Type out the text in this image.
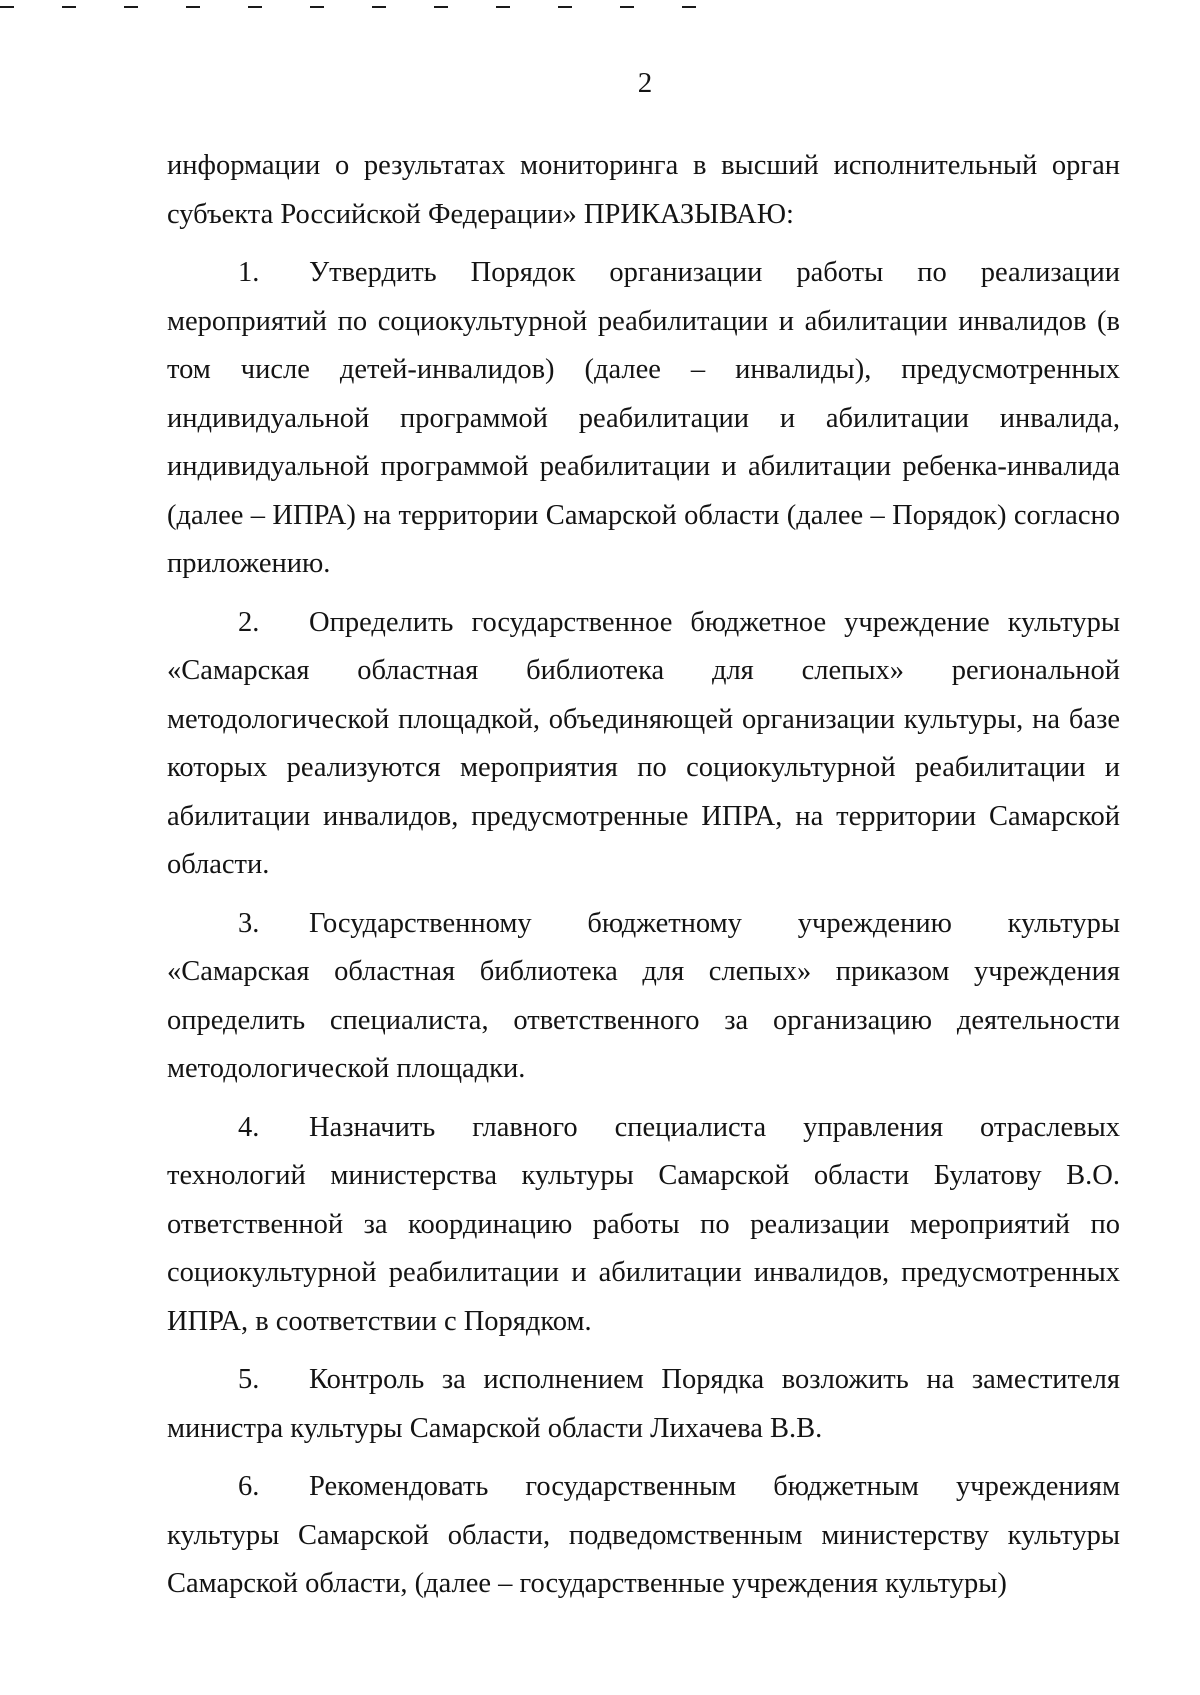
2

информации о результатах мониторинга в высший исполнительный орган субъекта Российской Федерации» ПРИКАЗЫВАЮ:

1. Утвердить Порядок организации работы по реализации мероприятий по социокультурной реабилитации и абилитации инвалидов (в том числе детей-инвалидов) (далее – инвалиды), предусмотренных индивидуальной программой реабилитации и абилитации инвалида, индивидуальной программой реабилитации и абилитации ребенка-инвалида (далее – ИПРА) на территории Самарской области (далее – Порядок) согласно приложению.

2. Определить государственное бюджетное учреждение культуры «Самарская областная библиотека для слепых» региональной методологической площадкой, объединяющей организации культуры, на базе которых реализуются мероприятия по социокультурной реабилитации и абилитации инвалидов, предусмотренные ИПРА, на территории Самарской области.

3. Государственному бюджетному учреждению культуры «Самарская областная библиотека для слепых» приказом учреждения определить специалиста, ответственного за организацию деятельности методологической площадки.

4. Назначить главного специалиста управления отраслевых технологий министерства культуры Самарской области Булатову В.О. ответственной за координацию работы по реализации мероприятий по социокультурной реабилитации и абилитации инвалидов, предусмотренных ИПРА, в соответствии с Порядком.

5. Контроль за исполнением Порядка возложить на заместителя министра культуры Самарской области Лихачева В.В.

6. Рекомендовать государственным бюджетным учреждениям культуры Самарской области, подведомственным министерству культуры Самарской области, (далее – государственные учреждения культуры)
